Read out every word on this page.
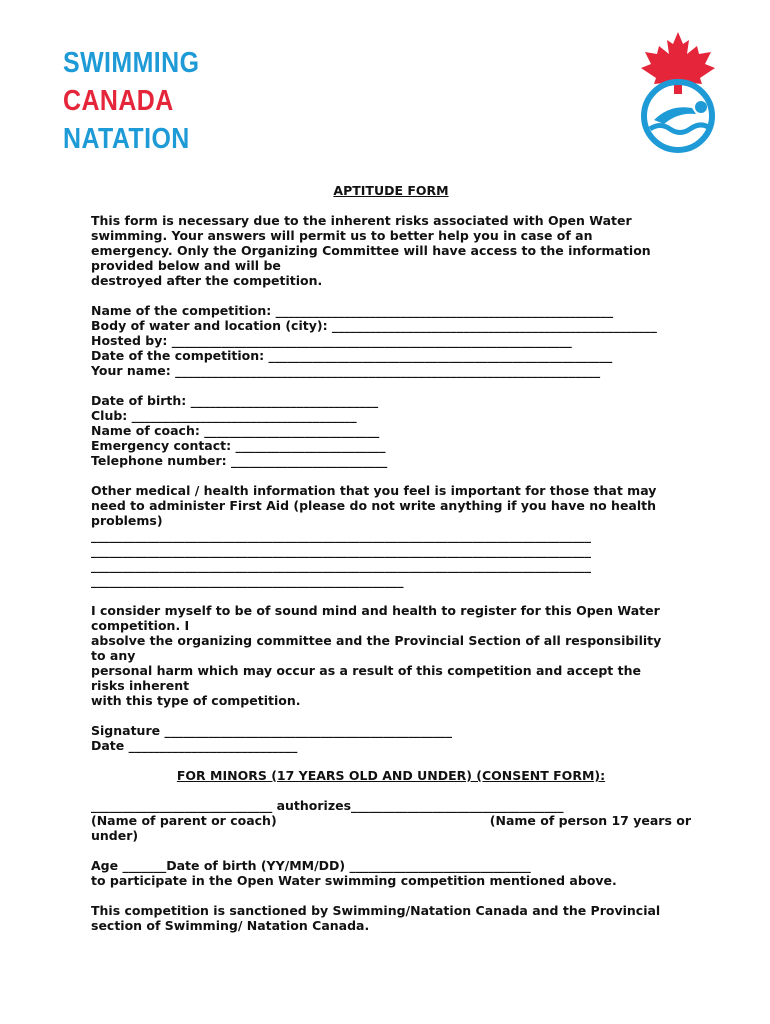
SWIMMING
CANADA
NATATION
APTITUDE FORM
This form is necessary due to the inherent risks associated with Open Water
swimming. Your answers will permit us to better help you in case of an
emergency. Only the Organizing Committee will have access to the information
provided below and will be
destroyed after the competition.
Name of the competition: ______________________________________________________
Body of water and location (city): ____________________________________________________
Hosted by: ________________________________________________________________
Date of the competition: _______________________________________________________
Your name: ____________________________________________________________________
Date of birth: ______________________________
Club: ____________________________________
Name of coach: ____________________________
Emergency contact: ________________________
Telephone number: _________________________
Other medical / health information that you feel is important for those that may
need to administer First Aid (please do not write anything if you have no health
problems)
________________________________________________________________________________
________________________________________________________________________________
________________________________________________________________________________
__________________________________________________
I consider myself to be of sound mind and health to register for this Open Water
competition. I
absolve the organizing committee and the Provincial Section of all responsibility
to any
personal harm which may occur as a result of this competition and accept the
risks inherent
with this type of competition.
Signature ______________________________________________
Date ___________________________
FOR MINORS (17 YEARS OLD AND UNDER) (CONSENT FORM):
_____________________________ authorizes__________________________________
(Name of parent or coach)	(Name of person 17 years or
under)
Age _______Date of birth (YY/MM/DD) _____________________________
to participate in the Open Water swimming competition mentioned above.
This competition is sanctioned by Swimming/Natation Canada and the Provincial
section of Swimming/ Natation Canada.
